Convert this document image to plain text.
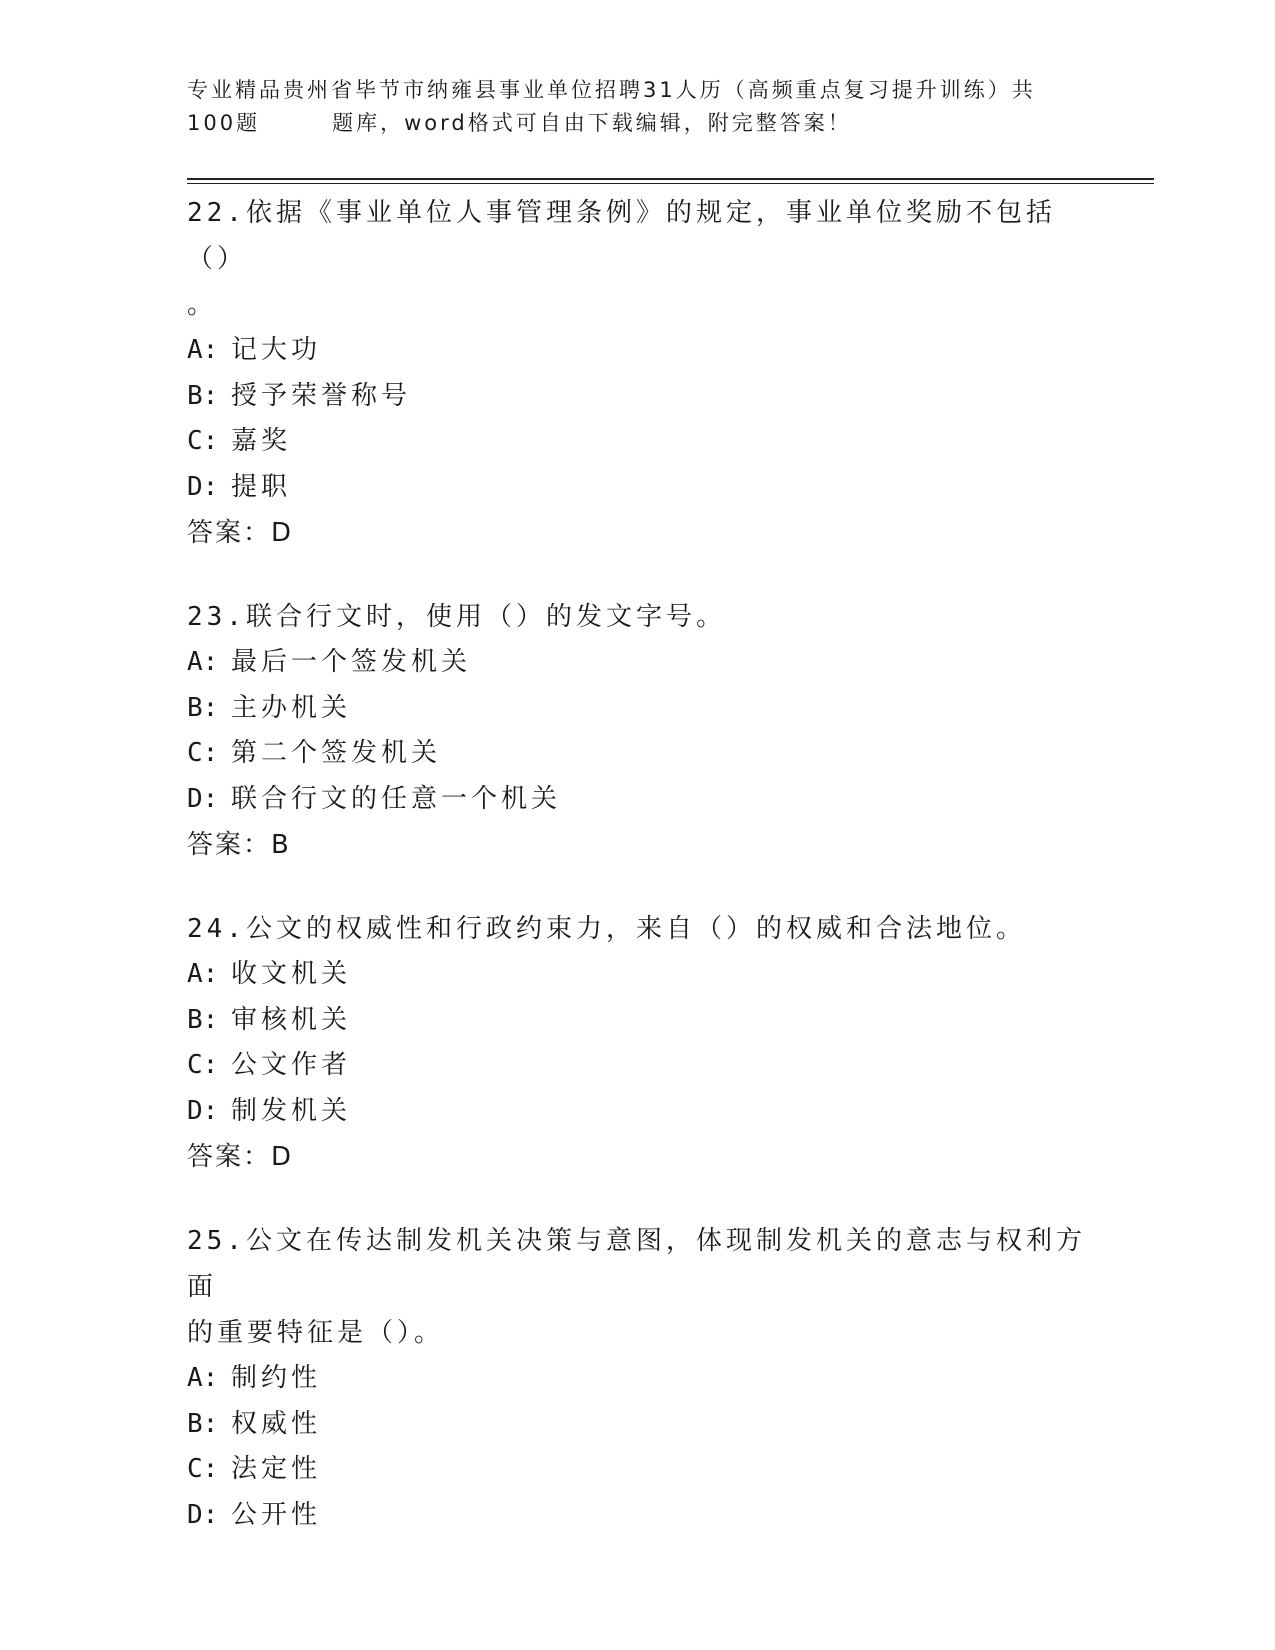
专业精品贵州省毕节市纳雍县事业单位招聘31人历（高频重点复习提升训练）共
100题	题库，word格式可自由下载编辑，附完整答案！

22.依据《事业单位人事管理条例》的规定，事业单位奖励不包括（）

。

A: 记大功

B: 授予荣誉称号

C: 嘉奖

D: 提职

答案：D

23.联合行文时，使用（）的发文字号。

A: 最后一个签发机关

B: 主办机关

C: 第二个签发机关

D: 联合行文的任意一个机关

答案：B

24.公文的权威性和行政约束力，来自（）的权威和合法地位。

A: 收文机关

B: 审核机关

C: 公文作者

D: 制发机关

答案：D

25.公文在传达制发机关决策与意图，体现制发机关的意志与权利方面

的重要特征是（）。

A: 制约性

B: 权威性

C: 法定性

D: 公开性
